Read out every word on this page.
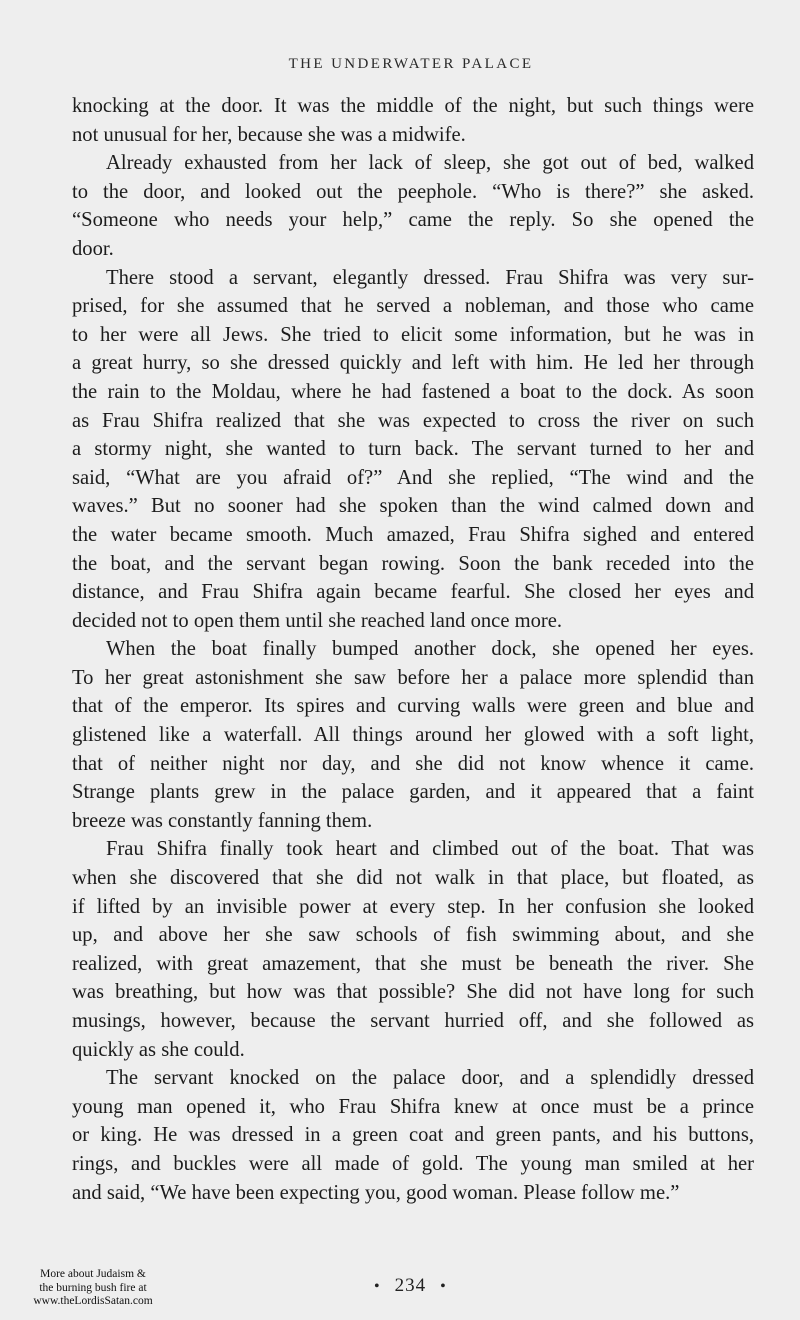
THE UNDERWATER PALACE
knocking at the door. It was the middle of the night, but such things were
not unusual for her, because she was a midwife.
Already exhausted from her lack of sleep, she got out of bed, walked
to the door, and looked out the peephole. “Who is there?” she asked.
“Someone who needs your help,” came the reply. So she opened the
door.
There stood a servant, elegantly dressed. Frau Shifra was very sur-
prised, for she assumed that he served a nobleman, and those who came
to her were all Jews. She tried to elicit some information, but he was in
a great hurry, so she dressed quickly and left with him. He led her through
the rain to the Moldau, where he had fastened a boat to the dock. As soon
as Frau Shifra realized that she was expected to cross the river on such
a stormy night, she wanted to turn back. The servant turned to her and
said, “What are you afraid of?” And she replied, “The wind and the
waves.” But no sooner had she spoken than the wind calmed down and
the water became smooth. Much amazed, Frau Shifra sighed and entered
the boat, and the servant began rowing. Soon the bank receded into the
distance, and Frau Shifra again became fearful. She closed her eyes and
decided not to open them until she reached land once more.
When the boat finally bumped another dock, she opened her eyes.
To her great astonishment she saw before her a palace more splendid than
that of the emperor. Its spires and curving walls were green and blue and
glistened like a waterfall. All things around her glowed with a soft light,
that of neither night nor day, and she did not know whence it came.
Strange plants grew in the palace garden, and it appeared that a faint
breeze was constantly fanning them.
Frau Shifra finally took heart and climbed out of the boat. That was
when she discovered that she did not walk in that place, but floated, as
if lifted by an invisible power at every step. In her confusion she looked
up, and above her she saw schools of fish swimming about, and she
realized, with great amazement, that she must be beneath the river. She
was breathing, but how was that possible? She did not have long for such
musings, however, because the servant hurried off, and she followed as
quickly as she could.
The servant knocked on the palace door, and a splendidly dressed
young man opened it, who Frau Shifra knew at once must be a prince
or king. He was dressed in a green coat and green pants, and his buttons,
rings, and buckles were all made of gold. The young man smiled at her
and said, “We have been expecting you, good woman. Please follow me.”
• 234 •
More about Judaism &
the burning bush fire at
www.theLordisSatan.com
